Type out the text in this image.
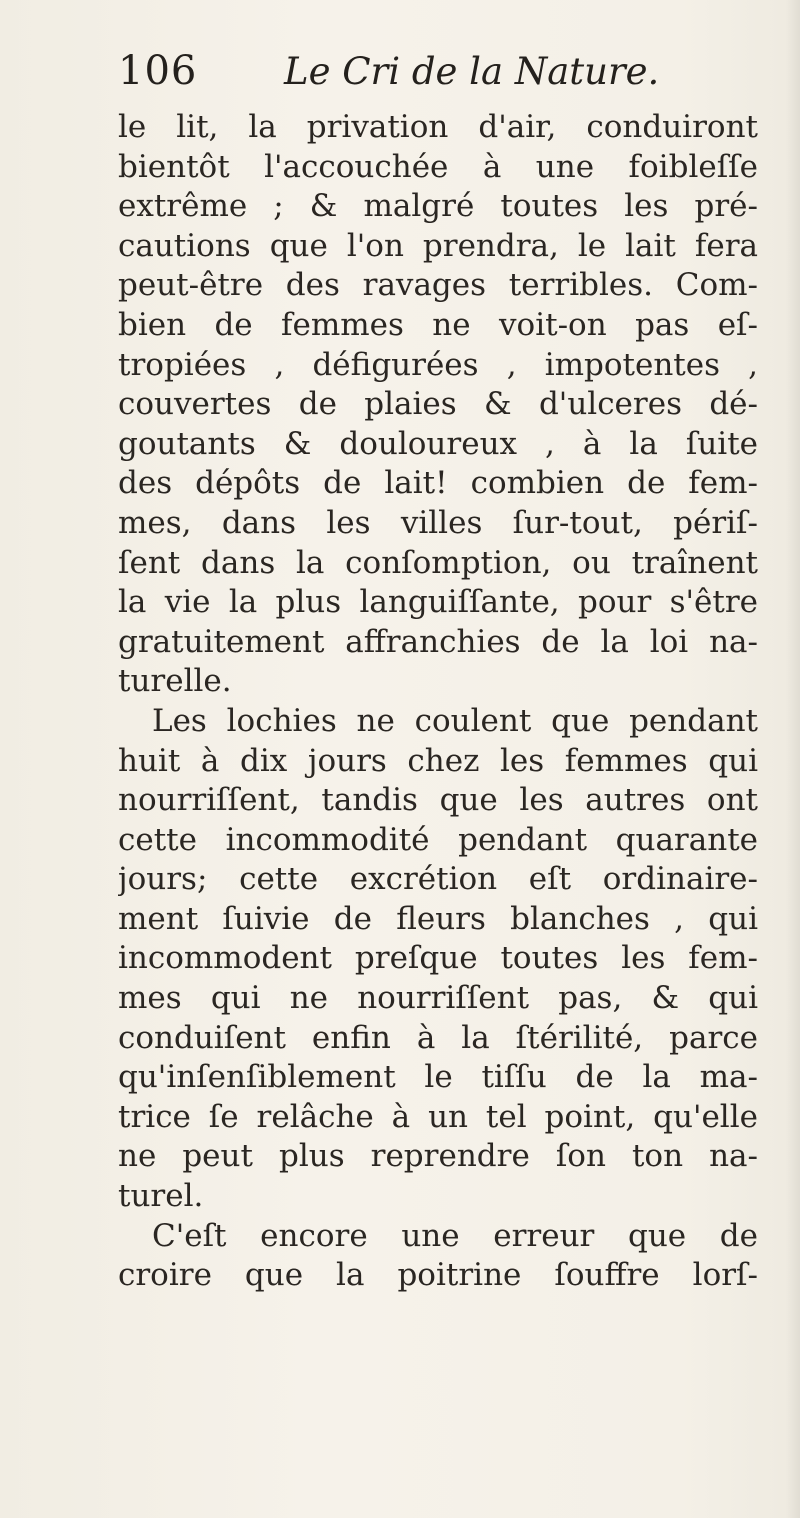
106 Le Cri de la Nature.
le lit, la privation d'air, conduiront
bientôt l'accouchée à une foibleſſe
extrême ; & malgré toutes les pré-
cautions que l'on prendra, le lait fera
peut-être des ravages terribles. Com-
bien de femmes ne voit-on pas eſ-
tropiées , défigurées , impotentes ,
couvertes de plaies & d'ulceres dé-
goutants & douloureux , à la ſuite
des dépôts de lait! combien de fem-
mes, dans les villes ſur-tout, périſ-
ſent dans la conſomption, ou traînent
la vie la plus languiſſante, pour s'être
gratuitement affranchies de la loi na-
turelle.
Les lochies ne coulent que pendant
huit à dix jours chez les femmes qui
nourriſſent, tandis que les autres ont
cette incommodité pendant quarante
jours; cette excrétion eſt ordinaire-
ment ſuivie de fleurs blanches , qui
incommodent preſque toutes les fem-
mes qui ne nourriſſent pas, & qui
conduiſent enfin à la ſtérilité, parce
qu'inſenſiblement le tiſſu de la ma-
trice ſe relâche à un tel point, qu'elle
ne peut plus reprendre ſon ton na-
turel.
C'eſt encore une erreur que de
croire que la poitrine ſouffre lorſ-
